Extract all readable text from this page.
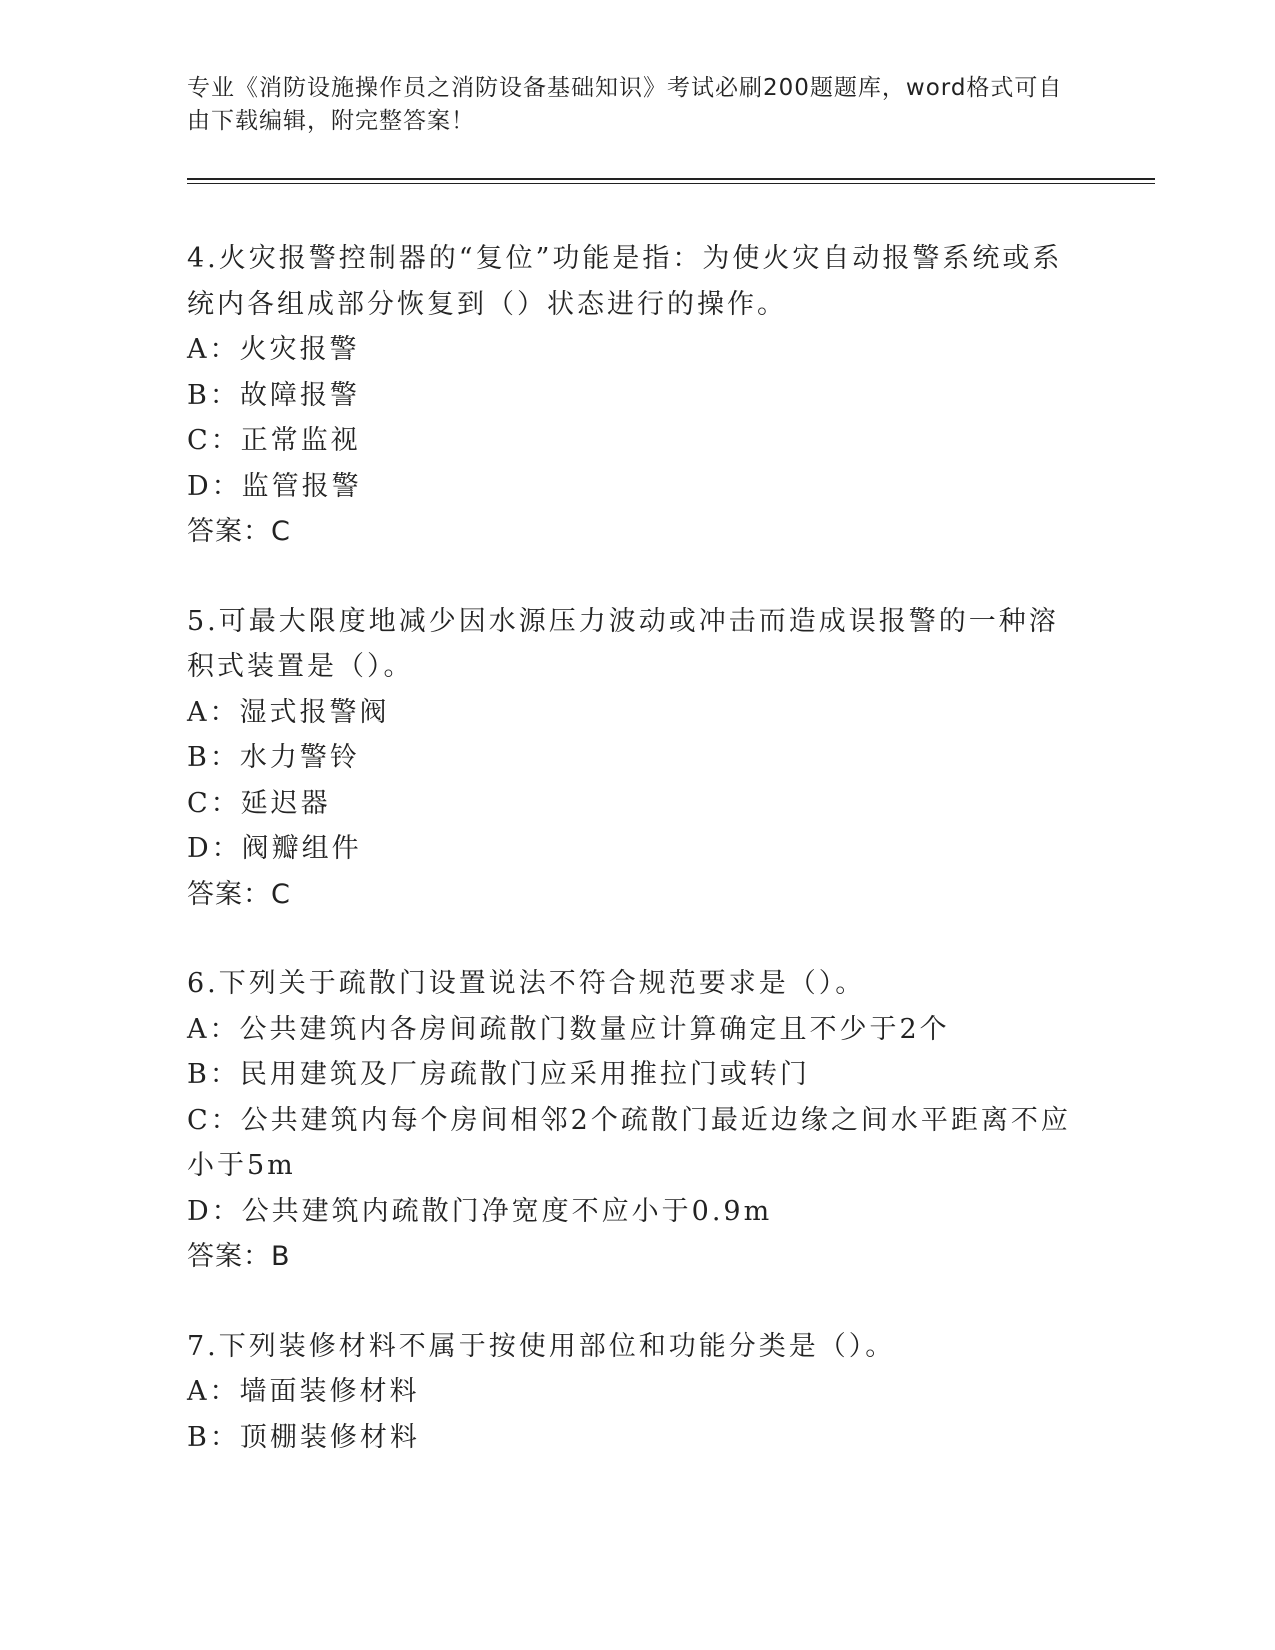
专业《消防设施操作员之消防设备基础知识》考试必刷200题题库，word格式可自由下载编辑，附完整答案！

4.火灾报警控制器的“复位”功能是指：为使火灾自动报警系统或系统内各组成部分恢复到（）状态进行的操作。

A：火灾报警

B：故障报警

C：正常监视

D：监管报警

答案：C

5.可最大限度地减少因水源压力波动或冲击而造成误报警的一种溶积式装置是（）。

A：湿式报警阀

B：水力警铃

C：延迟器

D：阀瓣组件

答案：C

6.下列关于疏散门设置说法不符合规范要求是（）。

A：公共建筑内各房间疏散门数量应计算确定且不少于2个

B：民用建筑及厂房疏散门应采用推拉门或转门

C：公共建筑内每个房间相邻2个疏散门最近边缘之间水平距离不应小于5m

D：公共建筑内疏散门净宽度不应小于0.9m

答案：B

7.下列装修材料不属于按使用部位和功能分类是（）。

A：墙面装修材料

B：顶棚装修材料
